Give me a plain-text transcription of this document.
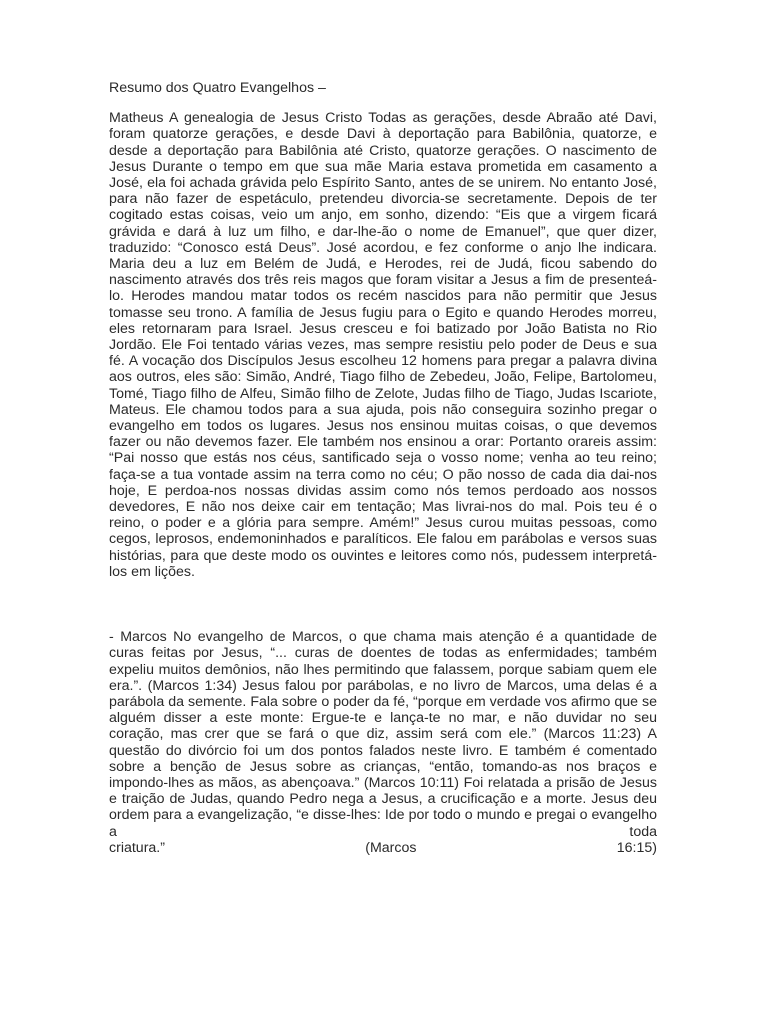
Resumo dos Quatro Evangelhos –

Matheus A genealogia de Jesus Cristo Todas as gerações, desde Abraão até Davi, foram quatorze gerações, e desde Davi à deportação para Babilônia, quatorze, e desde a deportação para Babilônia até Cristo, quatorze gerações. O nascimento de Jesus Durante o tempo em que sua mãe Maria estava prometida em casamento a José, ela foi achada grávida pelo Espírito Santo, antes de se unirem. No entanto José, para não fazer de espetáculo, pretendeu divorcia-se secretamente. Depois de ter cogitado estas coisas, veio um anjo, em sonho, dizendo: “Eis que a virgem ficará grávida e dará à luz um filho, e dar-lhe-ão o nome de Emanuel”, que quer dizer, traduzido: “Conosco está Deus”. José acordou, e fez conforme o anjo lhe indicara. Maria deu a luz em Belém de Judá, e Herodes, rei de Judá, ficou sabendo do nascimento através dos três reis magos que foram visitar a Jesus a fim de presenteá-lo. Herodes mandou matar todos os recém nascidos para não permitir que Jesus tomasse seu trono. A família de Jesus fugiu para o Egito e quando Herodes morreu, eles retornaram para Israel. Jesus cresceu e foi batizado por João Batista no Rio Jordão. Ele Foi tentado várias vezes, mas sempre resistiu pelo poder de Deus e sua fé. A vocação dos Discípulos Jesus escolheu 12 homens para pregar a palavra divina aos outros, eles são: Simão, André, Tiago filho de Zebedeu, João, Felipe, Bartolomeu, Tomé, Tiago filho de Alfeu, Simão filho de Zelote, Judas filho de Tiago, Judas Iscariote, Mateus. Ele chamou todos para a sua ajuda, pois não conseguira sozinho pregar o evangelho em todos os lugares. Jesus nos ensinou muitas coisas, o que devemos fazer ou não devemos fazer. Ele também nos ensinou a orar: Portanto orareis assim: “Pai nosso que estás nos céus, santificado seja o vosso nome; venha ao teu reino; faça-se a tua vontade assim na terra como no céu; O pão nosso de cada dia dai-nos hoje, E perdoa-nos nossas dividas assim como nós temos perdoado aos nossos devedores, E não nos deixe cair em tentação; Mas livrai-nos do mal. Pois teu é o reino, o poder e a glória para sempre. Amém!” Jesus curou muitas pessoas, como cegos, leprosos, endemoninhados e paralíticos. Ele falou em parábolas e versos suas histórias, para que deste modo os ouvintes e leitores como nós, pudessem interpretá-los em lições.

- Marcos No evangelho de Marcos, o que chama mais atenção é a quantidade de curas feitas por Jesus, “... curas de doentes de todas as enfermidades; também expeliu muitos demônios, não lhes permitindo que falassem, porque sabiam quem ele era.”. (Marcos 1:34) Jesus falou por parábolas, e no livro de Marcos, uma delas é a parábola da semente. Fala sobre o poder da fé, “porque em verdade vos afirmo que se alguém disser a este monte: Ergue-te e lança-te no mar, e não duvidar no seu coração, mas crer que se fará o que diz, assim será com ele.” (Marcos 11:23) A questão do divórcio foi um dos pontos falados neste livro. E também é comentado sobre a benção de Jesus sobre as crianças, “então, tomando-as nos braços e impondo-lhes as mãos, as abençoava.” (Marcos 10:11) Foi relatada a prisão de Jesus e traição de Judas, quando Pedro nega a Jesus, a crucificação e a morte. Jesus deu ordem para a evangelização, “e disse-lhes: Ide por todo o mundo e pregai o evangelho a toda

criatura.”	(Marcos	16:15)
